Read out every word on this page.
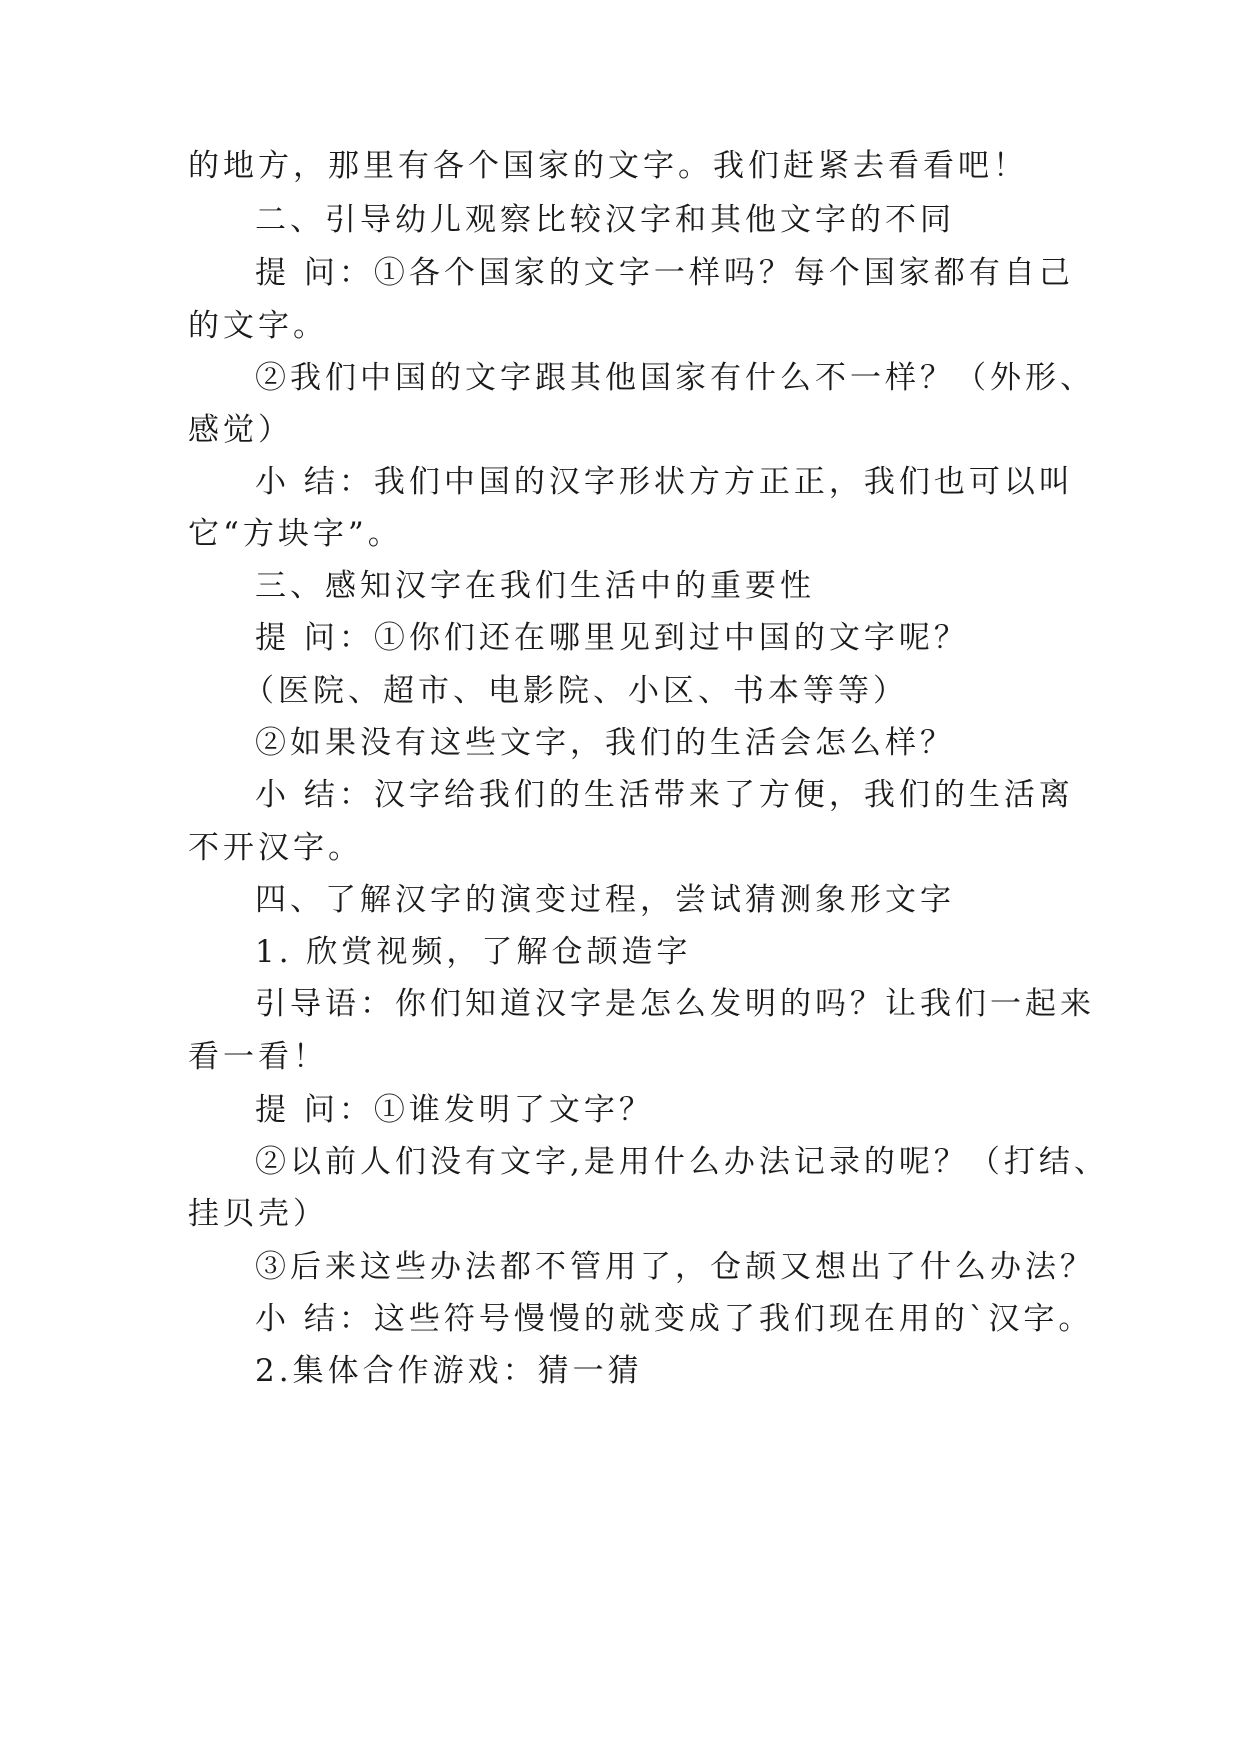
的地方，那里有各个国家的文字。我们赶紧去看看吧！
二、引导幼儿观察比较汉字和其他文字的不同
提 问：①各个国家的文字一样吗？每个国家都有自己
的文字。
②我们中国的文字跟其他国家有什么不一样？（外形、
感觉）
小 结：我们中国的汉字形状方方正正，我们也可以叫
它“方块字”。
三、感知汉字在我们生活中的重要性
提 问：①你们还在哪里见到过中国的文字呢？
（医院、超市、电影院、小区、书本等等）
②如果没有这些文字，我们的生活会怎么样？
小 结：汉字给我们的生活带来了方便，我们的生活离
不开汉字。
四、了解汉字的演变过程，尝试猜测象形文字
1. 欣赏视频，了解仓颉造字
引导语：你们知道汉字是怎么发明的吗？让我们一起来
看一看！
提 问：①谁发明了文字？
②以前人们没有文字,是用什么办法记录的呢？（打结、
挂贝壳）
③后来这些办法都不管用了，仓颉又想出了什么办法？
小 结：这些符号慢慢的就变成了我们现在用的`汉字。
2.集体合作游戏：猜一猜
